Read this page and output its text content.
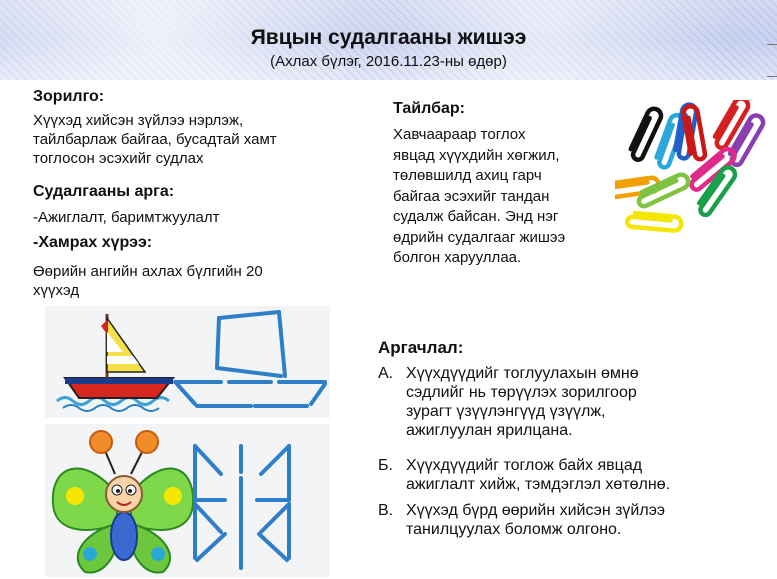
Явцын судалгааны жишээ
(Ахлах бүлэг, 2016.11.23-ны өдөр)
Зорилго:
Хүүхэд хийсэн зүйлээ нэрлэж,
тайлбарлаж байгаа, бусадтай хамт
тоглосон эсэхийг судлах
Судалгааны арга:
-Ажиглалт, баримтжуулалт
-Хамрах хүрээ:
Өөрийн ангийн ахлах бүлгийн 20
хүүхэд
Тайлбар:
Хавчаараар тоглох
явцад хүүхдийн хөгжил,
төлөвшилд ахиц гарч
байгаа эсэхийг тандан
судалж байсан. Энд нэг
өдрийн судалгааг жишээ
болгон харууллаа.
Аргачлал:
А. Хүүхдүүдийг тоглуулахын өмнө
сэдлийг нь төрүүлэх зорилгоор
зурагт үзүүлэнгүүд үзүүлж,
ажиглуулан ярилцана.
Б. Хүүхдүүдийг тоглож байх явцад
ажиглалт хийж, тэмдэглэл хөтөлнө.
В. Хүүхэд бүрд өөрийн хийсэн зүйлээ
танилцуулах боломж олгоно.
